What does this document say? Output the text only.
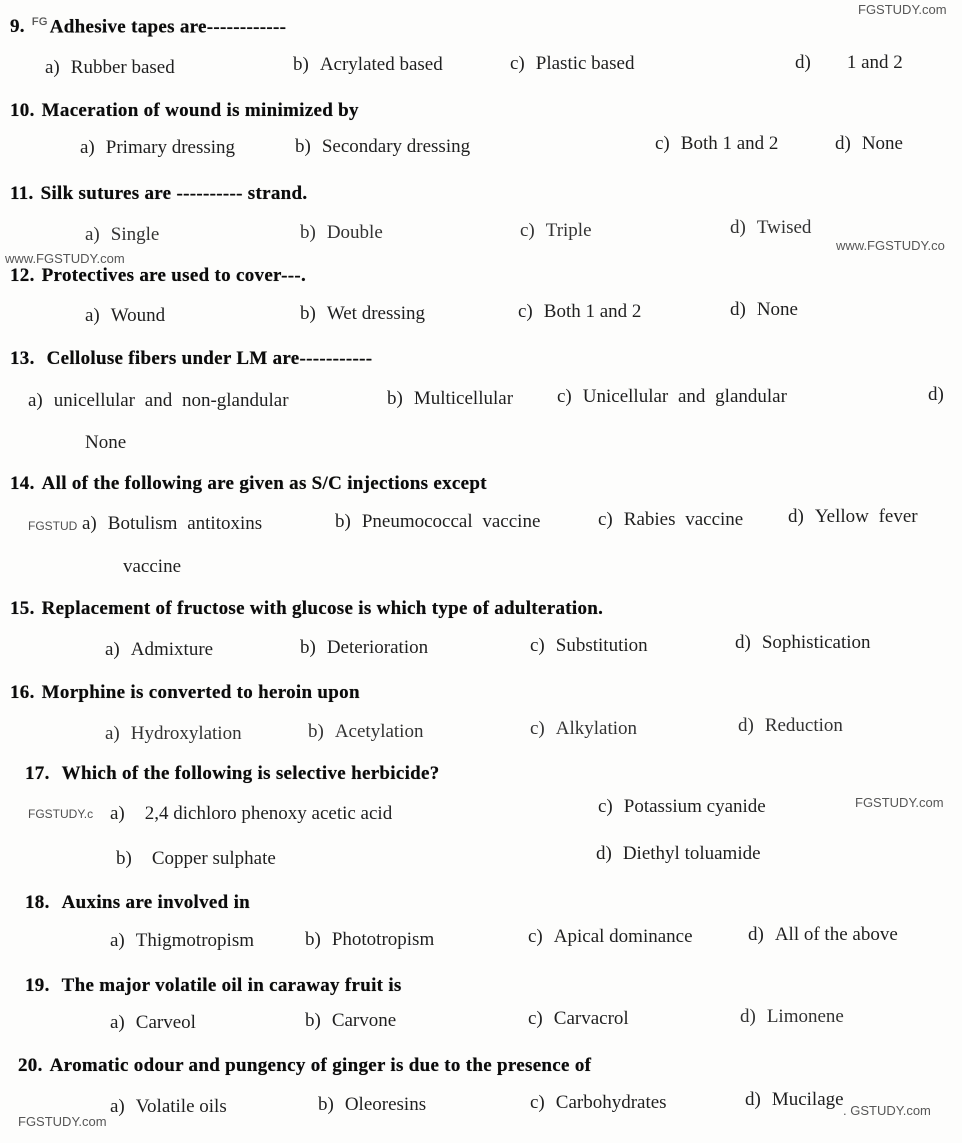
FGSTUDY.com
www.FGSTUDY.co
www.FGSTUDY.com
FGSTUD
FGSTUDY.c
FGSTUDY.com
. GSTUDY.com
FGSTUDY.com
9. $^{FG}$ Adhesive tapes are------------
a) Rubber based	b) Acrylated based	c) Plastic based	d) 1 and 2
10. Maceration of wound is minimized by
a) Primary dressing	b) Secondary dressing	c) Both 1 and 2	d) None
11. Silk sutures are ---------- strand.
a) Single	b) Double	c) Triple	d) Twised
12. Protectives are used to cover---.
a) Wound	b) Wet dressing	c) Both 1 and 2	d) None
13. Celloluse fibers under LM are-----------
a) unicellular and non-glandular	b) Multicellular c) Unicellular and glandular	d)
None
14. All of the following are given as S/C injections except
a) Botulism antitoxins	b) Pneumococcal vaccine	c) Rabies vaccine d) Yellow fever
vaccine
15. Replacement of fructose with glucose is which type of adulteration.
a) Admixture	b) Deterioration	c) Substitution	d) Sophistication
16. Morphine is converted to heroin upon
a) Hydroxylation	b) Acetylation	c) Alkylation	d) Reduction
17. Which of the following is selective herbicide?
a) 2,4 dichloro phenoxy acetic acid	c) Potassium cyanide
b) Copper sulphate	d) Diethyl toluamide
18. Auxins are involved in
a) Thigmotropism	b) Phototropism	c) Apical dominance	d) All of the above
19. The major volatile oil in caraway fruit is
a) Carveol	b) Carvone	c) Carvacrol	d) Limonene
20. Aromatic odour and pungency of ginger is due to the presence of
a) Volatile oils	b) Oleoresins	c) Carbohydrates	d) Mucilage
